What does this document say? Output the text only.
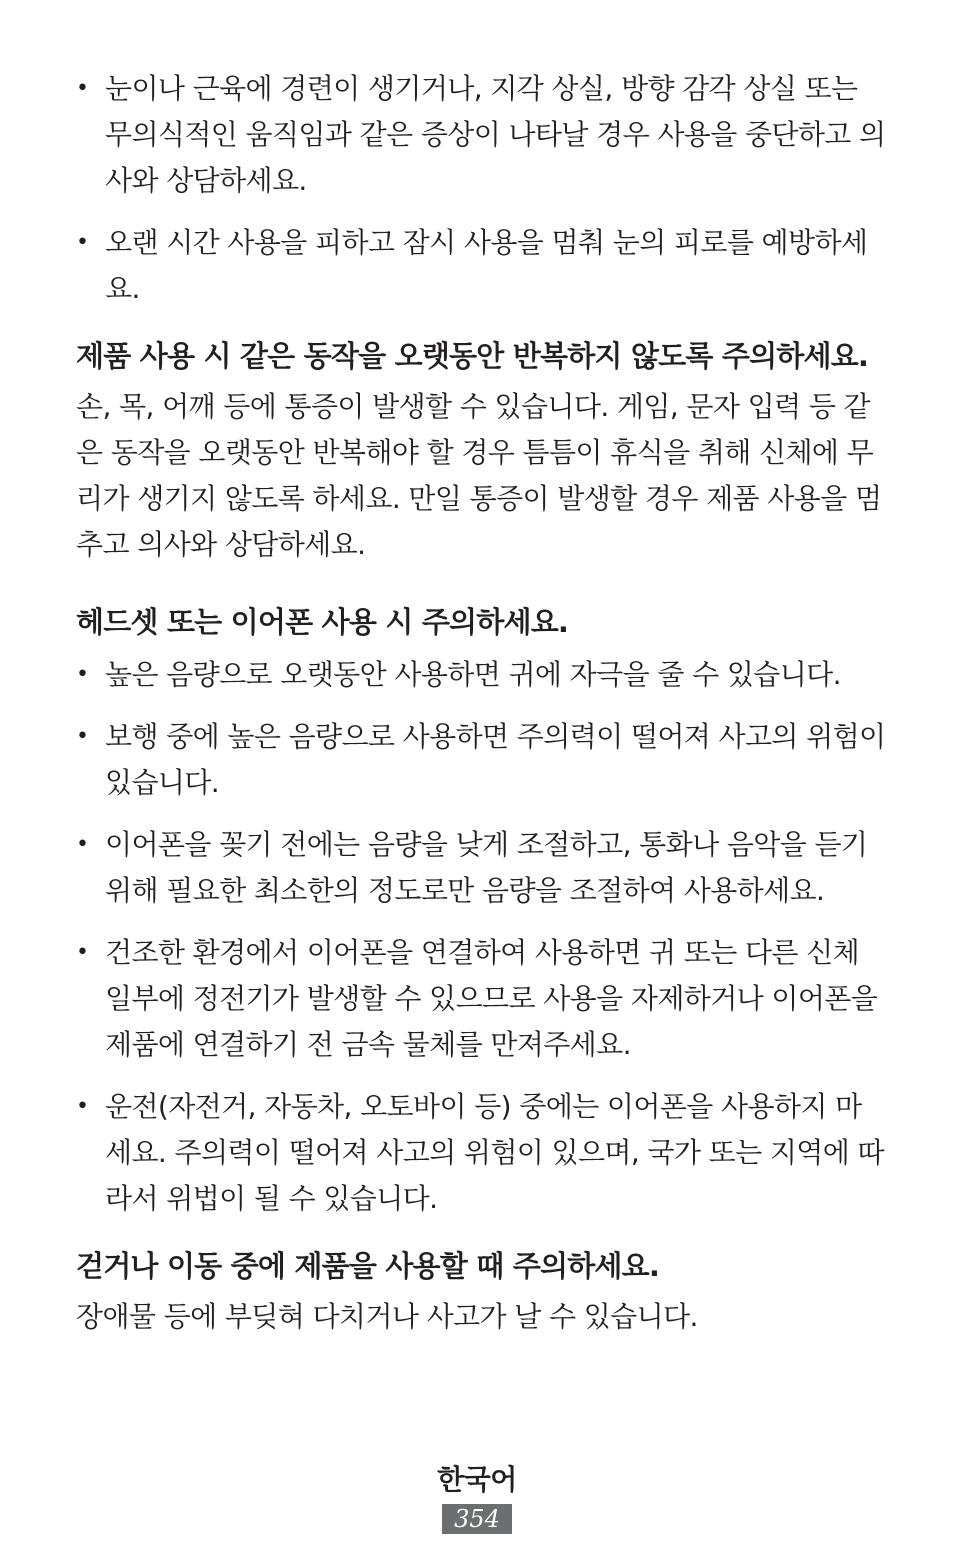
• 눈이나 근육에 경련이 생기거나, 지각 상실, 방향 감각 상실 또는 무의식적인 움직임과 같은 증상이 나타날 경우 사용을 중단하고 의사와 상담하세요.
• 오랜 시간 사용을 피하고 잠시 사용을 멈춰 눈의 피로를 예방하세요.
제품 사용 시 같은 동작을 오랫동안 반복하지 않도록 주의하세요.

손, 목, 어깨 등에 통증이 발생할 수 있습니다. 게임, 문자 입력 등 같은 동작을 오랫동안 반복해야 할 경우 틈틈이 휴식을 취해 신체에 무리가 생기지 않도록 하세요. 만일 통증이 발생할 경우 제품 사용을 멈추고 의사와 상담하세요.

헤드셋 또는 이어폰 사용 시 주의하세요.
• 높은 음량으로 오랫동안 사용하면 귀에 자극을 줄 수 있습니다.
• 보행 중에 높은 음량으로 사용하면 주의력이 떨어져 사고의 위험이 있습니다.
• 이어폰을 꽂기 전에는 음량을 낮게 조절하고, 통화나 음악을 듣기 위해 필요한 최소한의 정도로만 음량을 조절하여 사용하세요.
• 건조한 환경에서 이어폰을 연결하여 사용하면 귀 또는 다른 신체 일부에 정전기가 발생할 수 있으므로 사용을 자제하거나 이어폰을 제품에 연결하기 전 금속 물체를 만져주세요.
• 운전(자전거, 자동차, 오토바이 등) 중에는 이어폰을 사용하지 마세요. 주의력이 떨어져 사고의 위험이 있으며, 국가 또는 지역에 따라서 위법이 될 수 있습니다.
걷거나 이동 중에 제품을 사용할 때 주의하세요.

장애물 등에 부딪혀 다치거나 사고가 날 수 있습니다.

한국어
354
